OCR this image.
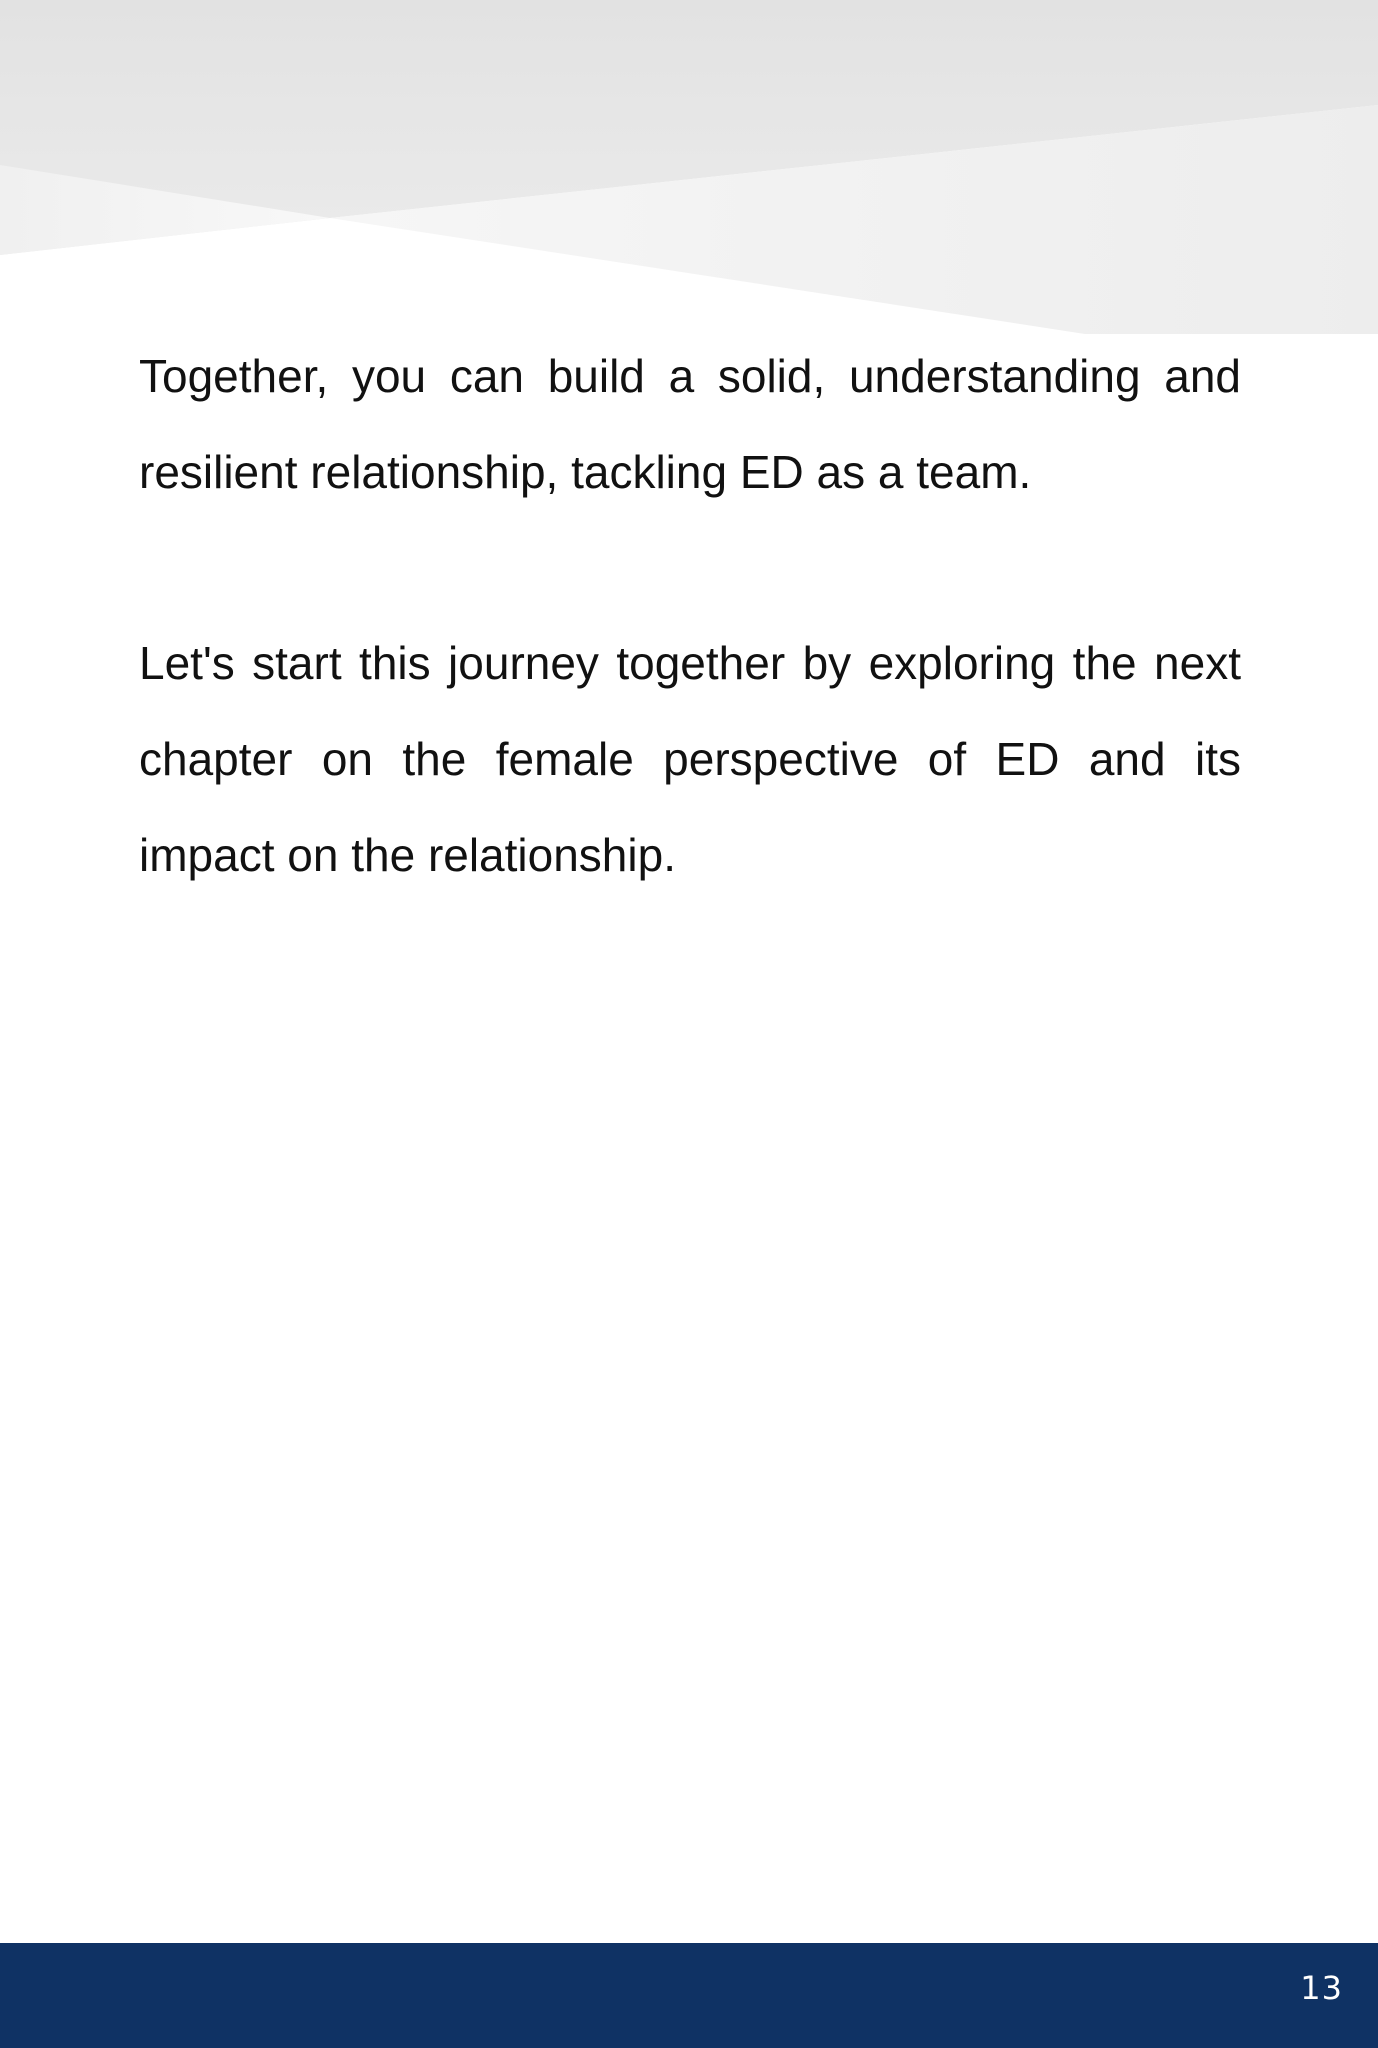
Together, you can build a solid, understanding and resilient relationship, tackling ED as a team.

Let's start this journey together by exploring the next chapter on the female perspective of ED and its impact on the relationship.

13
